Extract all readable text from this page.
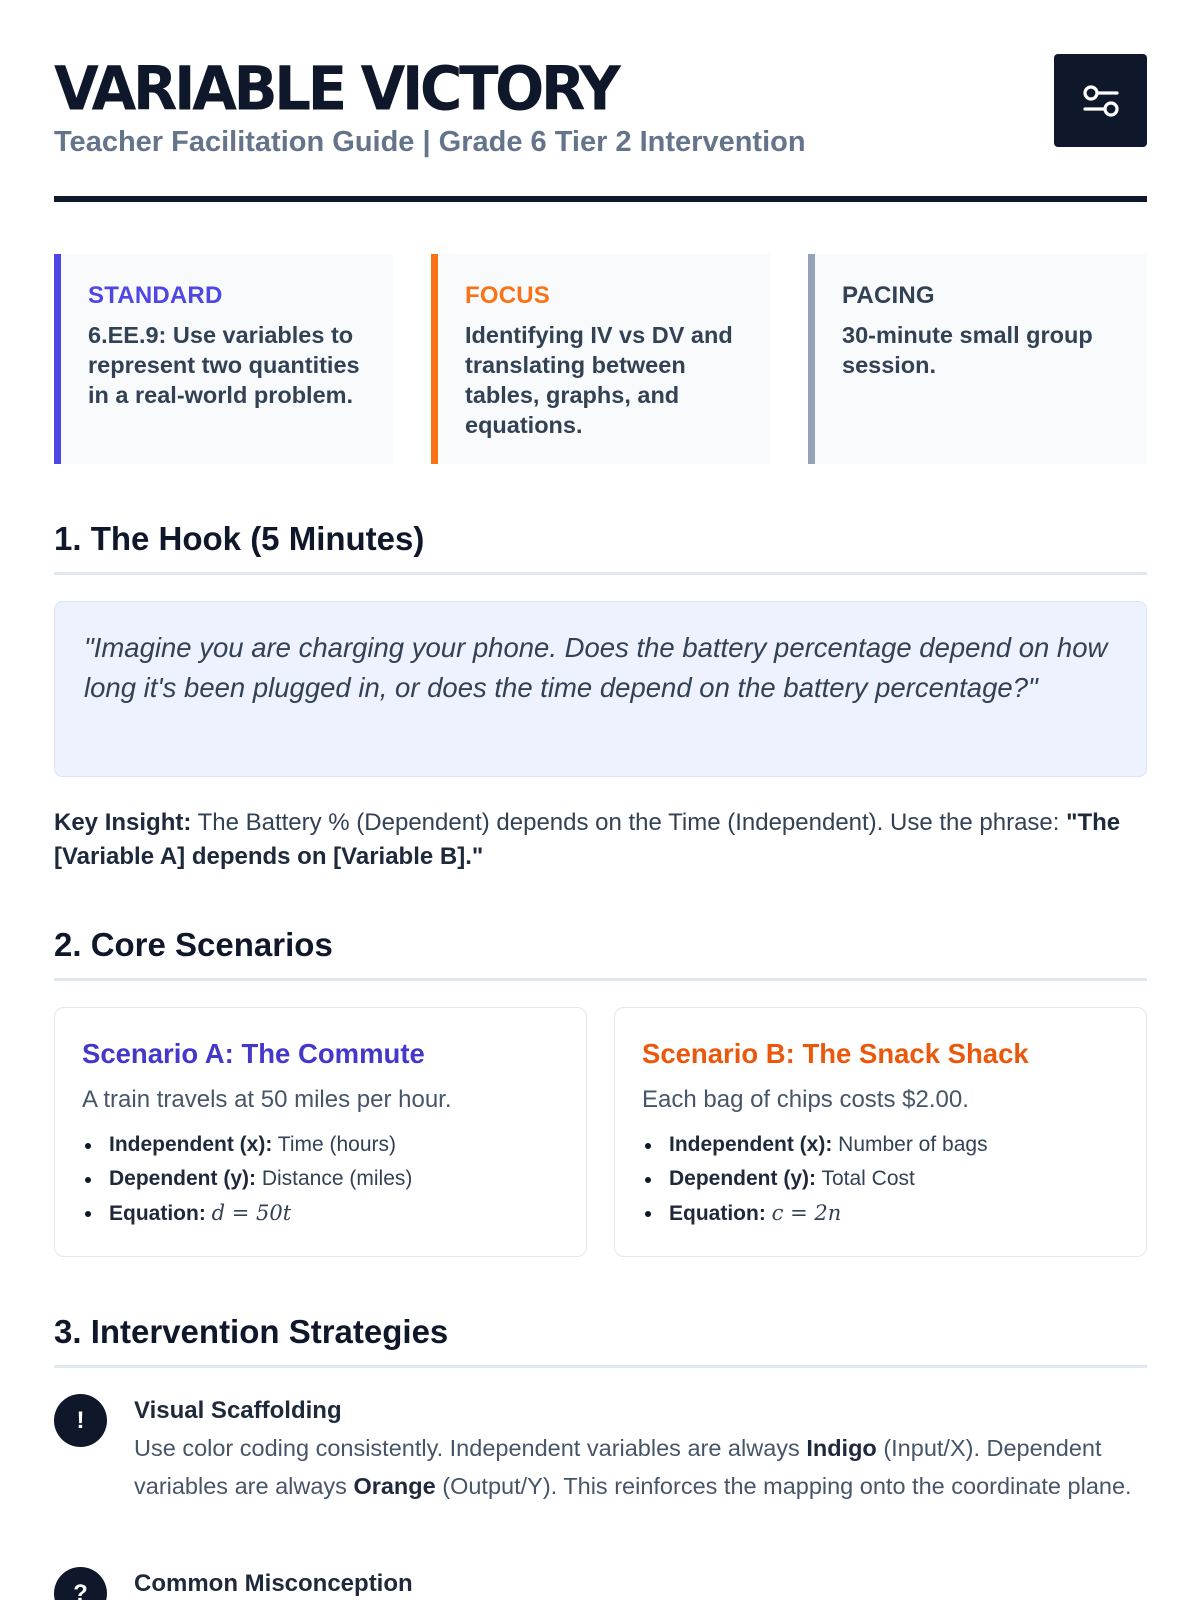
VARIABLE VICTORY
Teacher Facilitation Guide | Grade 6 Tier 2 Intervention
STANDARD
6.EE.9: Use variables to represent two quantities in a real-world problem.
FOCUS
Identifying IV vs DV and translating between tables, graphs, and equations.
PACING
30-minute small group session.
1. The Hook (5 Minutes)
"Imagine you are charging your phone. Does the battery percentage depend on how long it's been plugged in, or does the time depend on the battery percentage?"
Key Insight: The Battery % (Dependent) depends on the Time (Independent). Use the phrase: "The [Variable A] depends on [Variable B]."
2. Core Scenarios
Scenario A: The Commute
A train travels at 50 miles per hour.
Independent (x): Time (hours)
Dependent (y): Distance (miles)
Equation: d = 50t
Scenario B: The Snack Shack
Each bag of chips costs $2.00.
Independent (x): Number of bags
Dependent (y): Total Cost
Equation: c = 2n
3. Intervention Strategies
!	Visual Scaffolding
Use color coding consistently. Independent variables are always Indigo (Input/X). Dependent variables are always Orange (Output/Y). This reinforces the mapping onto the coordinate plane.
?	Common Misconception
